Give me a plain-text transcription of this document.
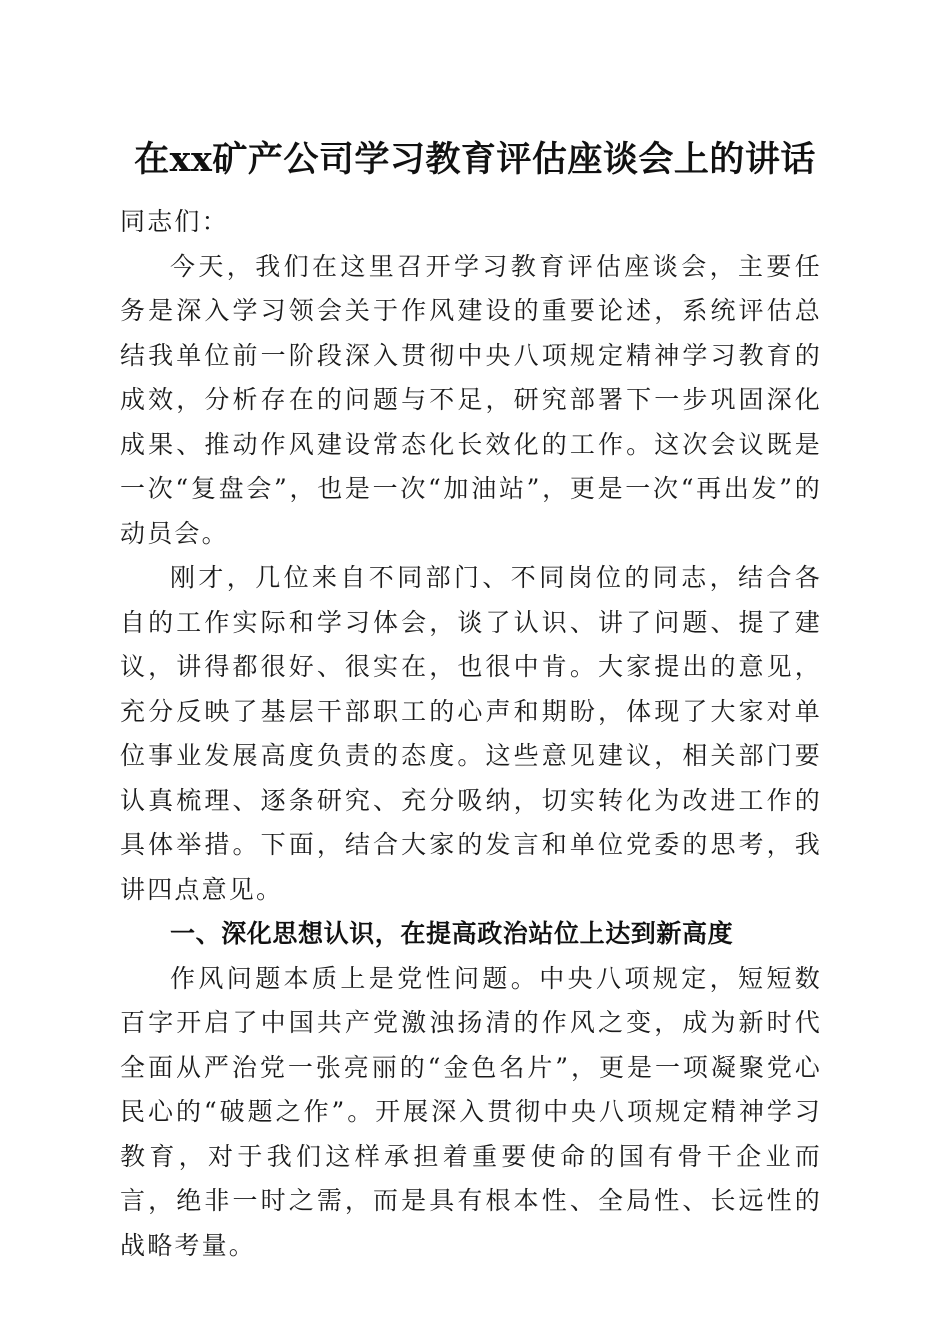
在xx矿产公司学习教育评估座谈会上的讲话

同志们：

今天，我们在这里召开学习教育评估座谈会，主要任务是深入学习领会关于作风建设的重要论述，系统评估总结我单位前一阶段深入贯彻中央八项规定精神学习教育的成效，分析存在的问题与不足，研究部署下一步巩固深化成果、推动作风建设常态化长效化的工作。这次会议既是一次“复盘会”，也是一次“加油站”，更是一次“再出发”的动员会。

刚才，几位来自不同部门、不同岗位的同志，结合各自的工作实际和学习体会，谈了认识、讲了问题、提了建议，讲得都很好、很实在，也很中肯。大家提出的意见，充分反映了基层干部职工的心声和期盼，体现了大家对单位事业发展高度负责的态度。这些意见建议，相关部门要认真梳理、逐条研究、充分吸纳，切实转化为改进工作的具体举措。下面，结合大家的发言和单位党委的思考，我讲四点意见。

一、深化思想认识，在提高政治站位上达到新高度

作风问题本质上是党性问题。中央八项规定，短短数百字开启了中国共产党激浊扬清的作风之变，成为新时代全面从严治党一张亮丽的“金色名片”，更是一项凝聚党心民心的“破题之作”。开展深入贯彻中央八项规定精神学习教育，对于我们这样承担着重要使命的国有骨干企业而言，绝非一时之需，而是具有根本性、全局性、长远性的战略考量。
